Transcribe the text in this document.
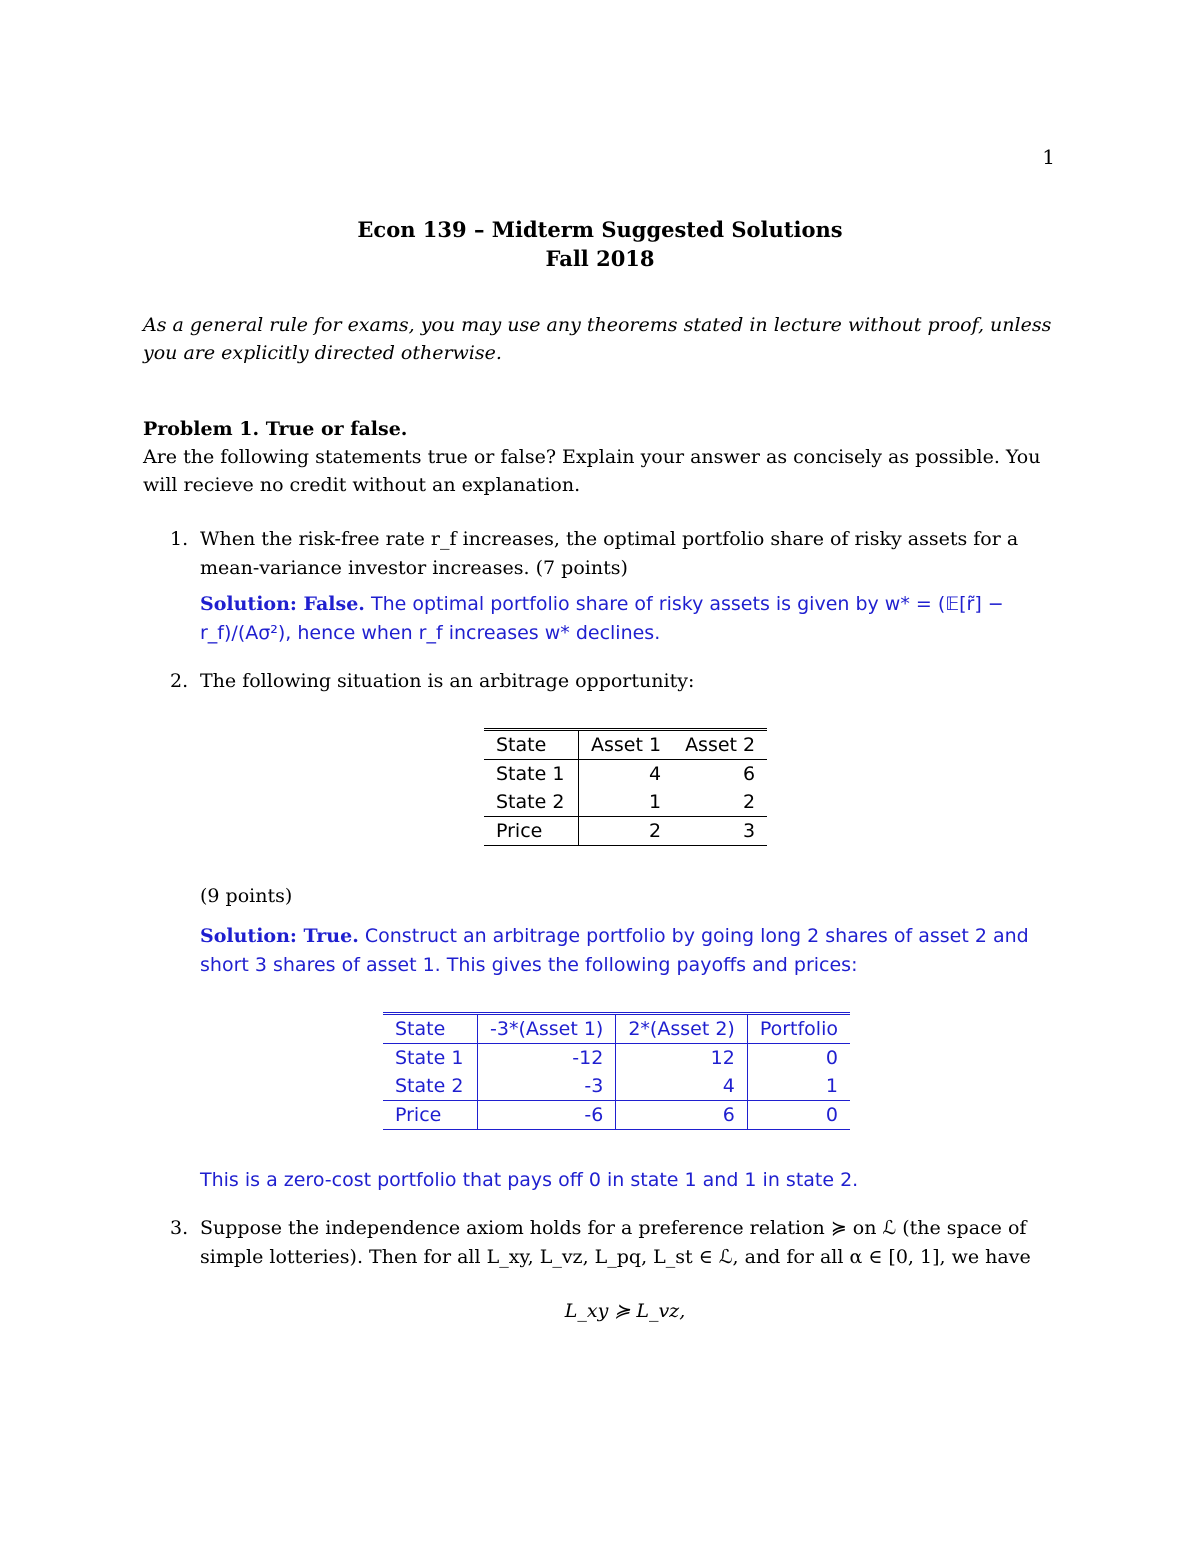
1
Econ 139 – Midterm Suggested Solutions
Fall 2018
As a general rule for exams, you may use any theorems stated in lecture without proof, unless you are explicitly directed otherwise.
Problem 1. True or false.
Are the following statements true or false? Explain your answer as concisely as possible. You will recieve no credit without an explanation.
1. When the risk-free rate r_f increases, the optimal portfolio share of risky assets for a mean-variance investor increases. (7 points)
Solution: False. The optimal portfolio share of risky assets is given by w* = (𝔼[r̃] − r_f)/(Aσ²), hence when r_f increases w* declines.
2. The following situation is an arbitrage opportunity:
State	Asset 1	Asset 2
State 1	4	6
State 2	1	2
Price	2	3
(9 points)
Solution: True. Construct an arbitrage portfolio by going long 2 shares of asset 2 and short 3 shares of asset 1. This gives the following payoffs and prices:
State	-3*(Asset 1)	2*(Asset 2)	Portfolio
State 1	-12	12	0
State 2	-3	4	1
Price	-6	6	0
This is a zero-cost portfolio that pays off 0 in state 1 and 1 in state 2.
3. Suppose the independence axiom holds for a preference relation ≽ on ℒ (the space of simple lotteries). Then for all L_xy, L_vz, L_pq, L_st ∈ ℒ, and for all α ∈ [0, 1], we have
L_xy ≽ L_vz,
